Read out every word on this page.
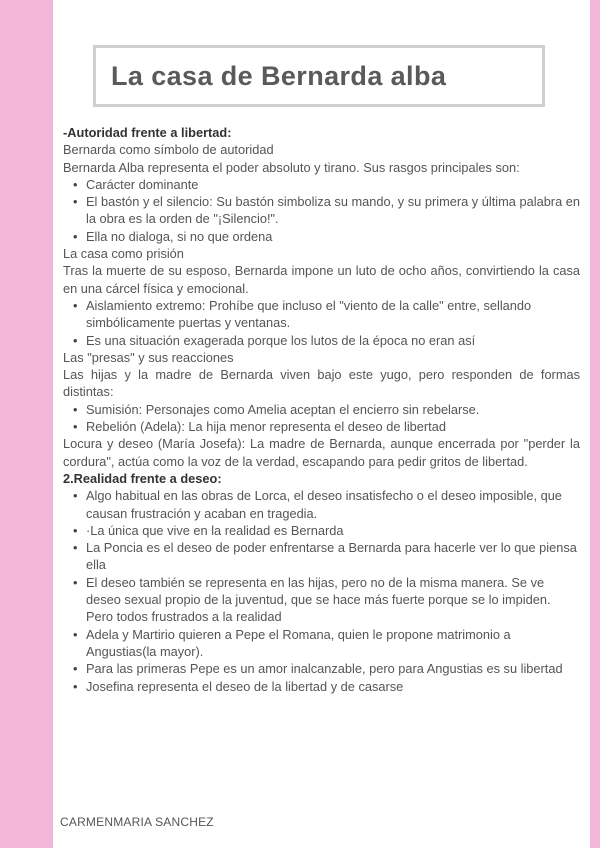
La casa de Bernarda alba

-Autoridad frente a libertad:

Bernarda como símbolo de autoridad

Bernarda Alba representa el poder absoluto y tirano. Sus rasgos principales son:

• Carácter dominante
• El bastón y el silencio: Su bastón simboliza su mando, y su primera y última palabra en la obra es la orden de "¡Silencio!".
• Ella no dialoga, si no que ordena

La casa como prisión

Tras la muerte de su esposo, Bernarda impone un luto de ocho años, convirtiendo la casa en una cárcel física y emocional.

• Aislamiento extremo: Prohíbe que incluso el "viento de la calle" entre, sellando simbólicamente puertas y ventanas.
• Es una situación exagerada porque los lutos de la época no eran así

Las "presas" y sus reacciones

Las hijas y la madre de Bernarda viven bajo este yugo, pero responden de formas distintas:

• Sumisión: Personajes como Amelia aceptan el encierro sin rebelarse.
• Rebelión (Adela): La hija menor representa el deseo de libertad

Locura y deseo (María Josefa): La madre de Bernarda, aunque encerrada por "perder la cordura", actúa como la voz de la verdad, escapando para pedir gritos de libertad.

2.Realidad frente a deseo:

• Algo habitual en las obras de Lorca, el deseo insatisfecho o el deseo imposible, que causan frustración y acaban en tragedia.
• ·La única que vive en la realidad es Bernarda
• La Poncia es el deseo de poder enfrentarse a Bernarda para hacerle ver lo que piensa ella
• El deseo también se representa en las hijas, pero no de la misma manera. Se ve deseo sexual propio de la juventud, que se hace más fuerte porque se lo impiden. Pero todos frustrados a la realidad
• Adela y Martirio quieren a Pepe el Romana, quien le propone matrimonio a Angustias(la mayor).
• Para las primeras Pepe es un amor inalcanzable, pero para Angustias es su libertad
• Josefina representa el deseo de la libertad y de casarse
CARMENMARIA SANCHEZ
